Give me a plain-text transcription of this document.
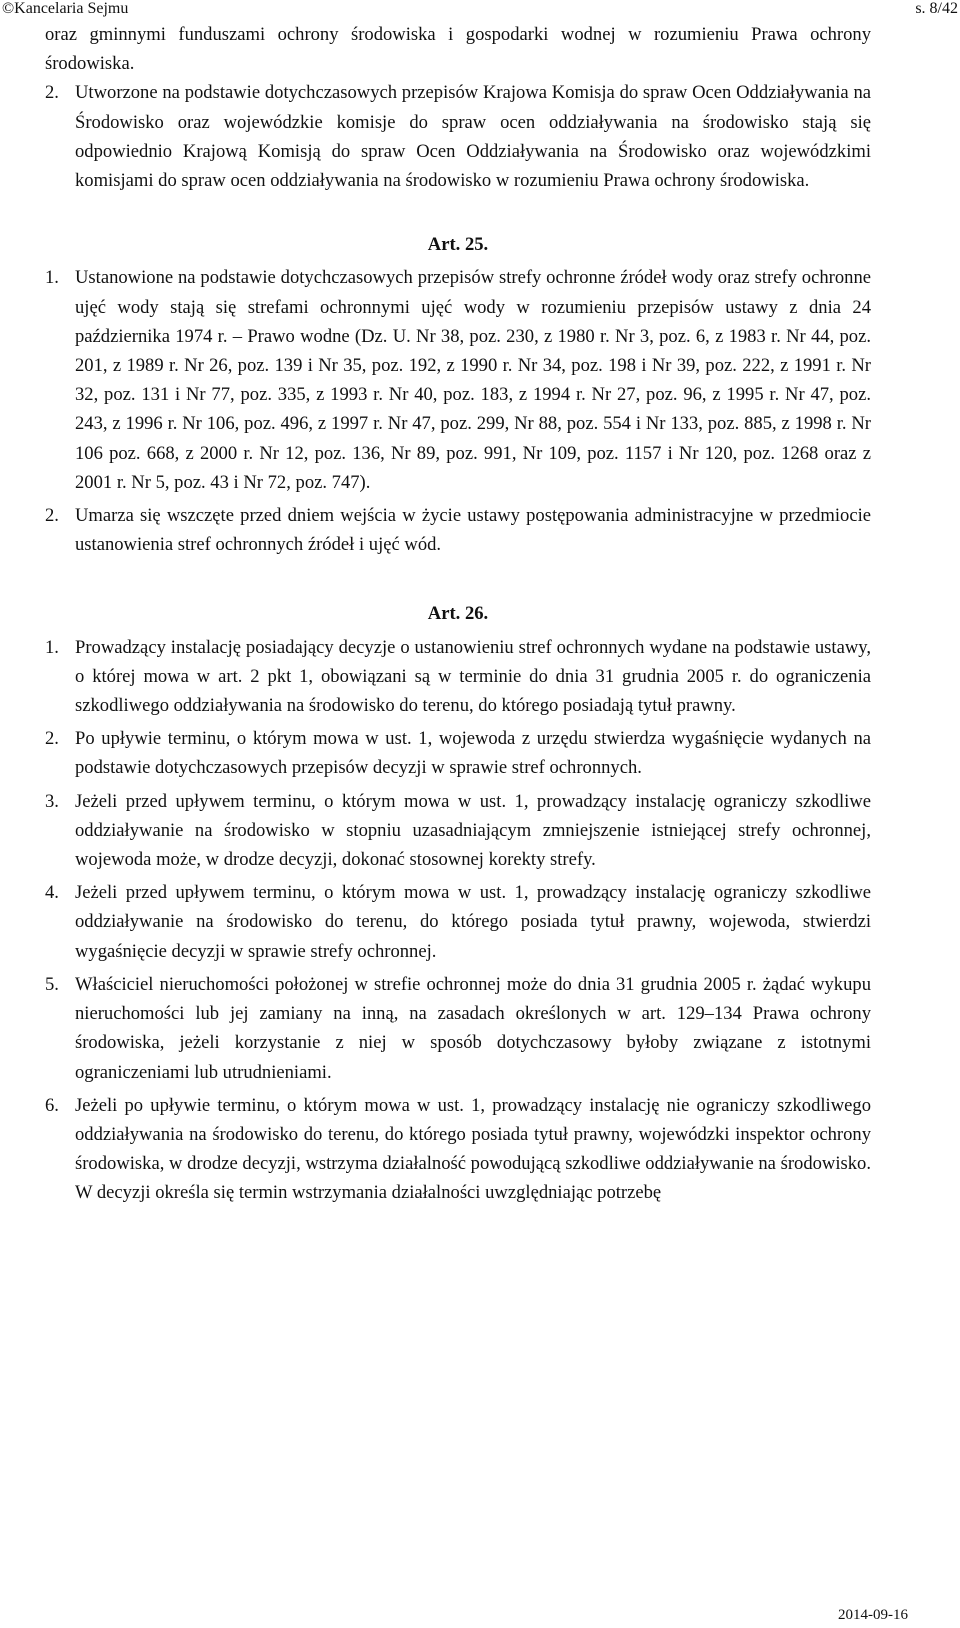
©Kancelaria Sejmu	s. 8/42

oraz gminnymi funduszami ochrony środowiska i gospodarki wodnej w rozumieniu Prawa ochrony środowiska.

2. Utworzone na podstawie dotychczasowych przepisów Krajowa Komisja do spraw Ocen Oddziaływania na Środowisko oraz wojewódzkie komisje do spraw ocen oddziaływania na środowisko stają się odpowiednio Krajową Komisją do spraw Ocen Oddziaływania na Środowisko oraz wojewódzkimi komisjami do spraw ocen oddziaływania na środowisko w rozumieniu Prawa ochrony środowiska.
Art. 25.
1. Ustanowione na podstawie dotychczasowych przepisów strefy ochronne źródeł wody oraz strefy ochronne ujęć wody stają się strefami ochronnymi ujęć wody w rozumieniu przepisów ustawy z dnia 24 października 1974 r. – Prawo wodne (Dz. U. Nr 38, poz. 230, z 1980 r. Nr 3, poz. 6, z 1983 r. Nr 44, poz. 201, z 1989 r. Nr 26, poz. 139 i Nr 35, poz. 192, z 1990 r. Nr 34, poz. 198 i Nr 39, poz. 222, z 1991 r. Nr 32, poz. 131 i Nr 77, poz. 335, z 1993 r. Nr 40, poz. 183, z 1994 r. Nr 27, poz. 96, z 1995 r. Nr 47, poz. 243, z 1996 r. Nr 106, poz. 496, z 1997 r. Nr 47, poz. 299, Nr 88, poz. 554 i Nr 133, poz. 885, z 1998 r. Nr 106 poz. 668, z 2000 r. Nr 12, poz. 136, Nr 89, poz. 991, Nr 109, poz. 1157 i Nr 120, poz. 1268 oraz z 2001 r. Nr 5, poz. 43 i Nr 72, poz. 747).
2. Umarza się wszczęte przed dniem wejścia w życie ustawy postępowania administracyjne w przedmiocie ustanowienia stref ochronnych źródeł i ujęć wód.
Art. 26.
1. Prowadzący instalację posiadający decyzje o ustanowieniu stref ochronnych wydane na podstawie ustawy, o której mowa w art. 2 pkt 1, obowiązani są w terminie do dnia 31 grudnia 2005 r. do ograniczenia szkodliwego oddziaływania na środowisko do terenu, do którego posiadają tytuł prawny.
2. Po upływie terminu, o którym mowa w ust. 1, wojewoda z urzędu stwierdza wygaśnięcie wydanych na podstawie dotychczasowych przepisów decyzji w sprawie stref ochronnych.
3. Jeżeli przed upływem terminu, o którym mowa w ust. 1, prowadzący instalację ograniczy szkodliwe oddziaływanie na środowisko w stopniu uzasadniającym zmniejszenie istniejącej strefy ochronnej, wojewoda może, w drodze decyzji, dokonać stosownej korekty strefy.
4. Jeżeli przed upływem terminu, o którym mowa w ust. 1, prowadzący instalację ograniczy szkodliwe oddziaływanie na środowisko do terenu, do którego posiada tytuł prawny, wojewoda, stwierdzi wygaśnięcie decyzji w sprawie strefy ochronnej.
5. Właściciel nieruchomości położonej w strefie ochronnej może do dnia 31 grudnia 2005 r. żądać wykupu nieruchomości lub jej zamiany na inną, na zasadach określonych w art. 129–134 Prawa ochrony środowiska, jeżeli korzystanie z niej w sposób dotychczasowy byłoby związane z istotnymi ograniczeniami lub utrudnieniami.
6. Jeżeli po upływie terminu, o którym mowa w ust. 1, prowadzący instalację nie ograniczy szkodliwego oddziaływania na środowisko do terenu, do którego posiada tytuł prawny, wojewódzki inspektor ochrony środowiska, w drodze decyzji, wstrzyma działalność powodującą szkodliwe oddziaływanie na środowisko. W decyzji określa się termin wstrzymania działalności uwzględniając potrzebę
2014-09-16
